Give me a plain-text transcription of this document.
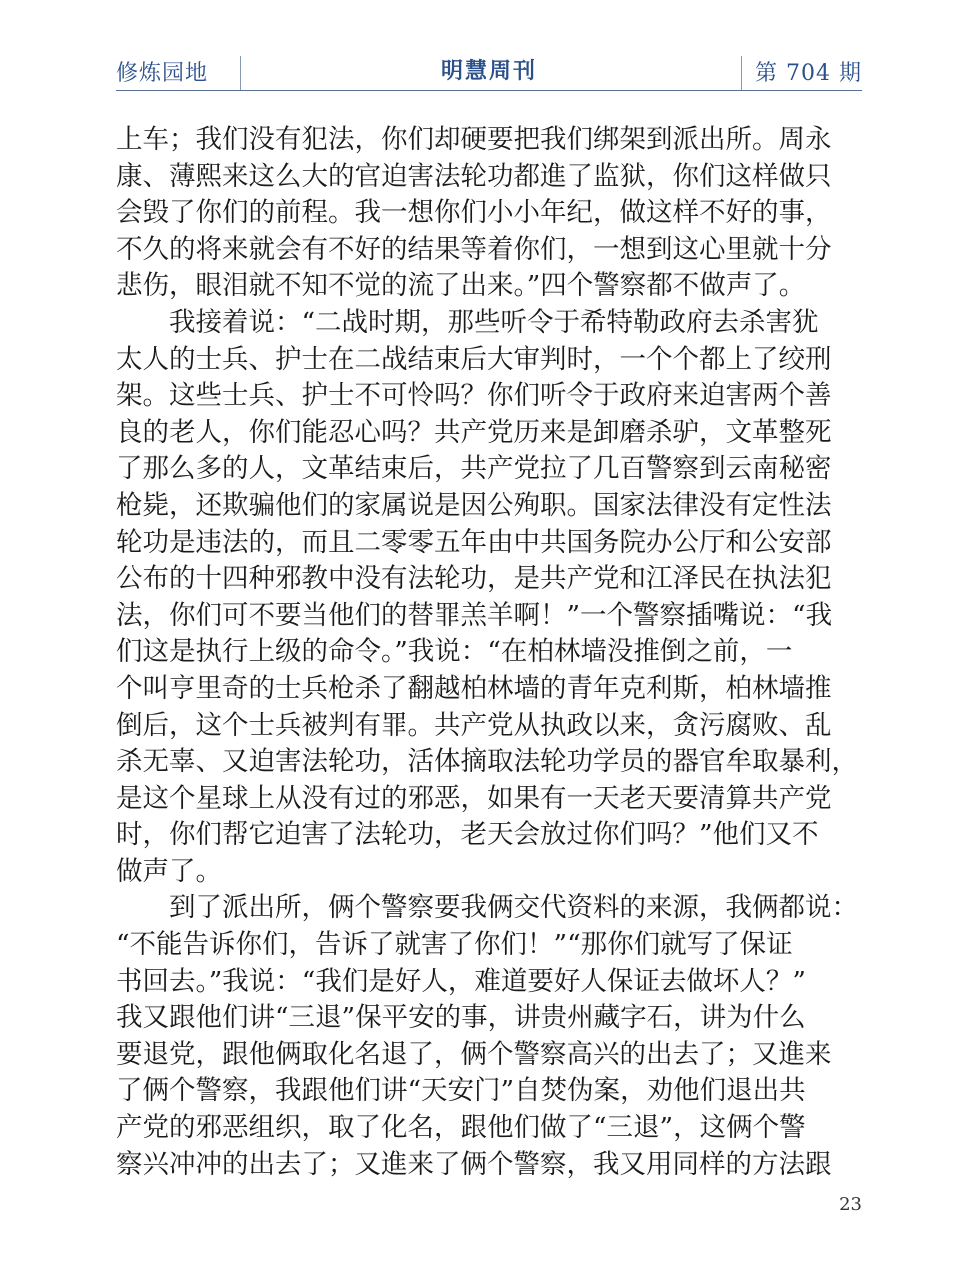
修炼园地	明慧周刊	第 704 期
上车；我们没有犯法，你们却硬要把我们绑架到派出所。周永
康、薄熙来这么大的官迫害法轮功都進了监狱，你们这样做只
会毁了你们的前程。我一想你们小小年纪，做这样不好的事，
不久的将来就会有不好的结果等着你们，一想到这心里就十分
悲伤，眼泪就不知不觉的流了出来。”四个警察都不做声了。
我接着说：“二战时期，那些听令于希特勒政府去杀害犹
太人的士兵、护士在二战结束后大审判时，一个个都上了绞刑
架。这些士兵、护士不可怜吗？你们听令于政府来迫害两个善
良的老人，你们能忍心吗？共产党历来是卸磨杀驴，文革整死
了那么多的人，文革结束后，共产党拉了几百警察到云南秘密
枪毙，还欺骗他们的家属说是因公殉职。国家法律没有定性法
轮功是违法的，而且二零零五年由中共国务院办公厅和公安部
公布的十四种邪教中没有法轮功，是共产党和江泽民在执法犯
法，你们可不要当他们的替罪羔羊啊！”一个警察插嘴说：“我
们这是执行上级的命令。”我说：“在柏林墙没推倒之前，一
个叫亨里奇的士兵枪杀了翻越柏林墙的青年克利斯，柏林墙推
倒后，这个士兵被判有罪。共产党从执政以来，贪污腐败、乱
杀无辜、又迫害法轮功，活体摘取法轮功学员的器官牟取暴利，
是这个星球上从没有过的邪恶，如果有一天老天要清算共产党
时，你们帮它迫害了法轮功，老天会放过你们吗？”他们又不
做声了。
到了派出所，俩个警察要我俩交代资料的来源，我俩都说：
“不能告诉你们，告诉了就害了你们！”“那你们就写了保证
书回去。”我说：“我们是好人，难道要好人保证去做坏人？”
我又跟他们讲“三退”保平安的事，讲贵州藏字石，讲为什么
要退党，跟他俩取化名退了，俩个警察高兴的出去了；又進来
了俩个警察，我跟他们讲“天安门”自焚伪案，劝他们退出共
产党的邪恶组织，取了化名，跟他们做了“三退”，这俩个警
察兴冲冲的出去了；又進来了俩个警察，我又用同样的方法跟
23
